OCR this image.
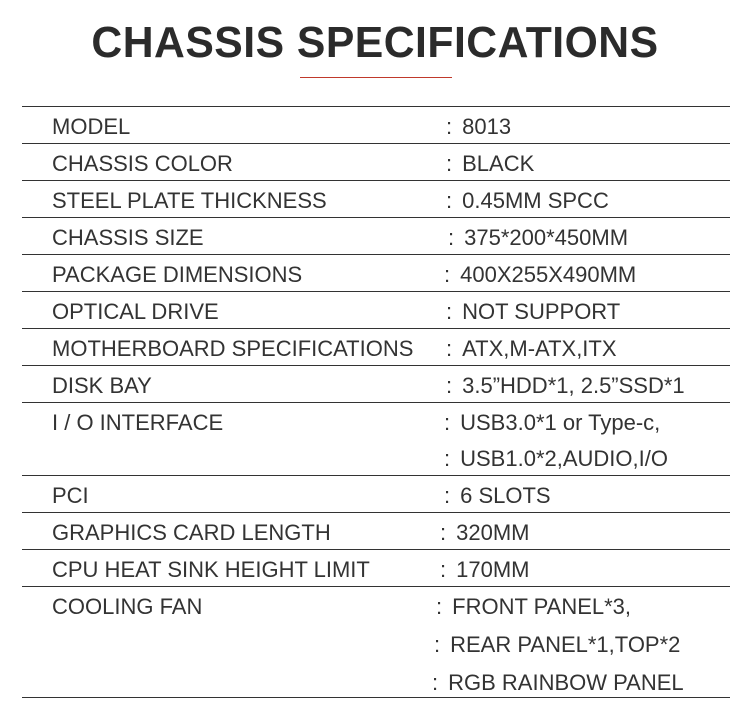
CHASSIS SPECIFICATIONS
MODEL	: 8013
CHASSIS COLOR	: BLACK
STEEL PLATE THICKNESS	: 0.45MM SPCC
CHASSIS SIZE	: 375*200*450MM
PACKAGE DIMENSIONS	: 400X255X490MM
OPTICAL DRIVE	: NOT SUPPORT
MOTHERBOARD SPECIFICATIONS : ATX,M-ATX,ITX
DISK BAY	: 3.5”HDD*1, 2.5”SSD*1
I / O INTERFACE	: USB3.0*1 or Type-c,
: USB1.0*2,AUDIO,I/O
PCI	: 6 SLOTS
GRAPHICS CARD LENGTH	: 320MM
CPU HEAT SINK HEIGHT LIMIT	: 170MM
COOLING FAN	: FRONT PANEL*3,
: REAR PANEL*1,TOP*2
: RGB RAINBOW PANEL
